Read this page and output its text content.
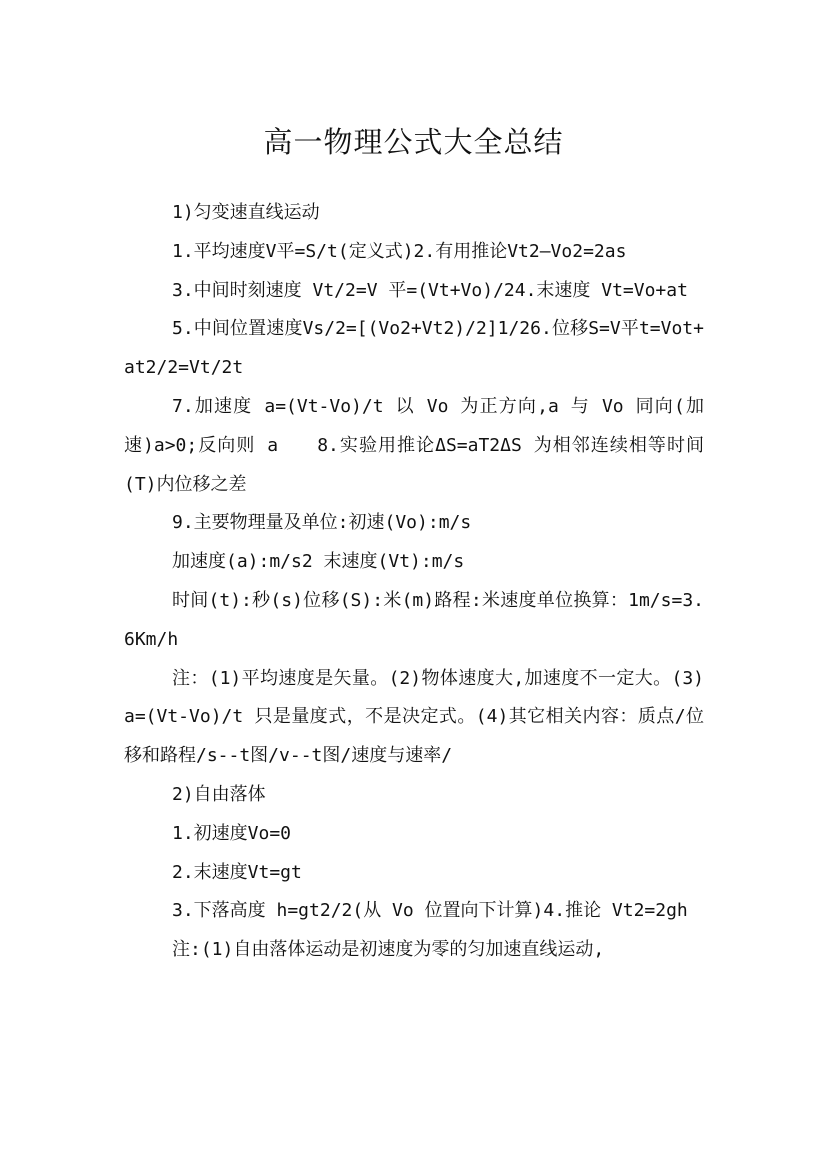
高一物理公式大全总结

1)匀变速直线运动

1.平均速度V平=S/t(定义式)2.有用推论Vt2–Vo2=2as

3.中间时刻速度 Vt/2=V 平=(Vt+Vo)/24.末速度 Vt=Vo+at

5.中间位置速度Vs/2=[(Vo2+Vt2)/2]1/26.位移S=V平t=Vot+at2/2=Vt/2t

7.加速度 a=(Vt-Vo)/t 以 Vo 为正方向,a 与 Vo 同向(加速)a>0;反向则 a　　8.实验用推论ΔS=aT2ΔS 为相邻连续相等时间(T)内位移之差

9.主要物理量及单位:初速(Vo):m/s

加速度(a):m/s2 末速度(Vt):m/s

时间(t):秒(s)位移(S):米(m)路程:米速度单位换算：1m/s=3.6Km/h

注：(1)平均速度是矢量。(2)物体速度大,加速度不一定大。(3)a=(Vt-Vo)/t 只是量度式，不是决定式。(4)其它相关内容：质点/位移和路程/s--t图/v--t图/速度与速率/

2)自由落体

1.初速度Vo=0

2.末速度Vt=gt

3.下落高度 h=gt2/2(从 Vo 位置向下计算)4.推论 Vt2=2gh

注:(1)自由落体运动是初速度为零的匀加速直线运动,
